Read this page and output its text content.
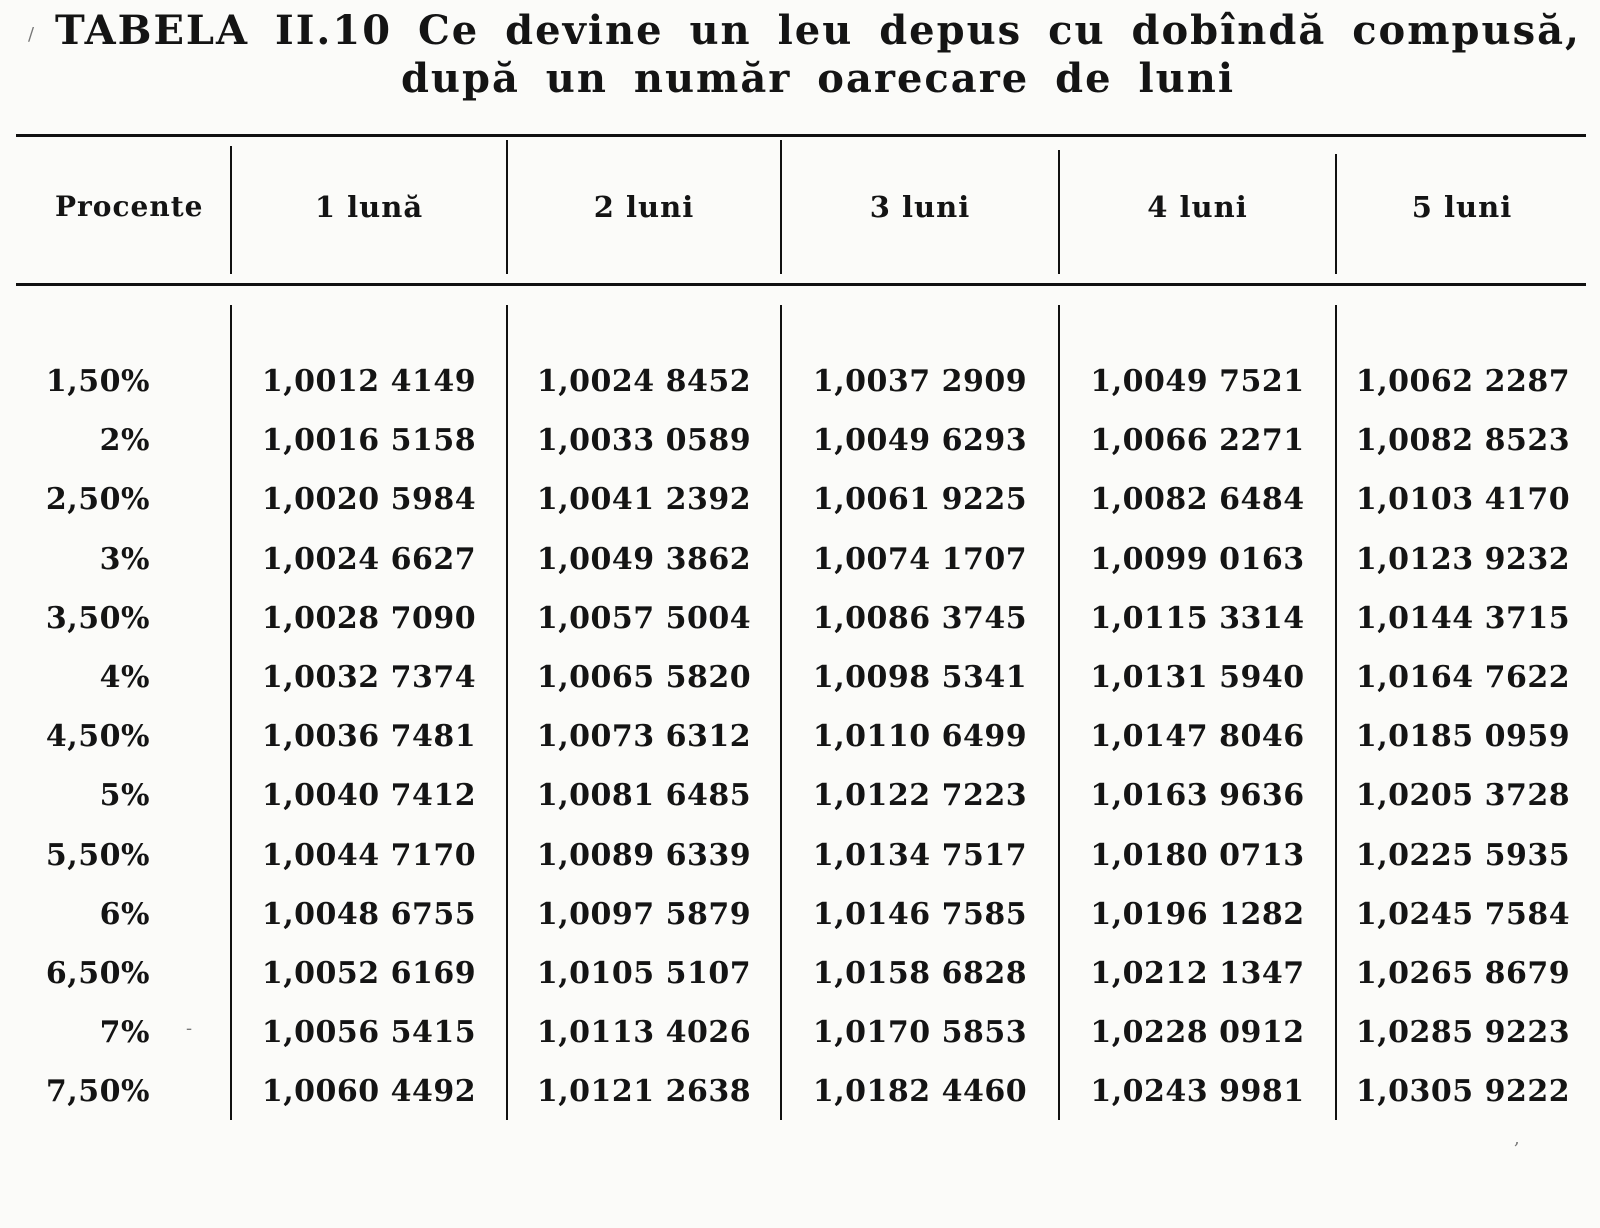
TABELA II.10 Ce devine un leu depus cu dobîndă compusă,
după un număr oarecare de luni
Procente	1 lună	2 luni	3 luni	4 luni	5 luni
1,50%	1,0012 4149	1,0024 8452	1,0037 2909	1,0049 7521	1,0062 2287
2%	1,0016 5158	1,0033 0589	1,0049 6293	1,0066 2271	1,0082 8523
2,50%	1,0020 5984	1,0041 2392	1,0061 9225	1,0082 6484	1,0103 4170
3%	1,0024 6627	1,0049 3862	1,0074 1707	1,0099 0163	1,0123 9232
3,50%	1,0028 7090	1,0057 5004	1,0086 3745	1,0115 3314	1,0144 3715
4%	1,0032 7374	1,0065 5820	1,0098 5341	1,0131 5940	1,0164 7622
4,50%	1,0036 7481	1,0073 6312	1,0110 6499	1,0147 8046	1,0185 0959
5%	1,0040 7412	1,0081 6485	1,0122 7223	1,0163 9636	1,0205 3728
5,50%	1,0044 7170	1,0089 6339	1,0134 7517	1,0180 0713	1,0225 5935
6%	1,0048 6755	1,0097 5879	1,0146 7585	1,0196 1282	1,0245 7584
6,50%	1,0052 6169	1,0105 5107	1,0158 6828	1,0212 1347	1,0265 8679
7%	1,0056 5415	1,0113 4026	1,0170 5853	1,0228 0912	1,0285 9223
7,50%	1,0060 4492	1,0121 2638	1,0182 4460	1,0243 9981	1,0305 9222
/
-
,
